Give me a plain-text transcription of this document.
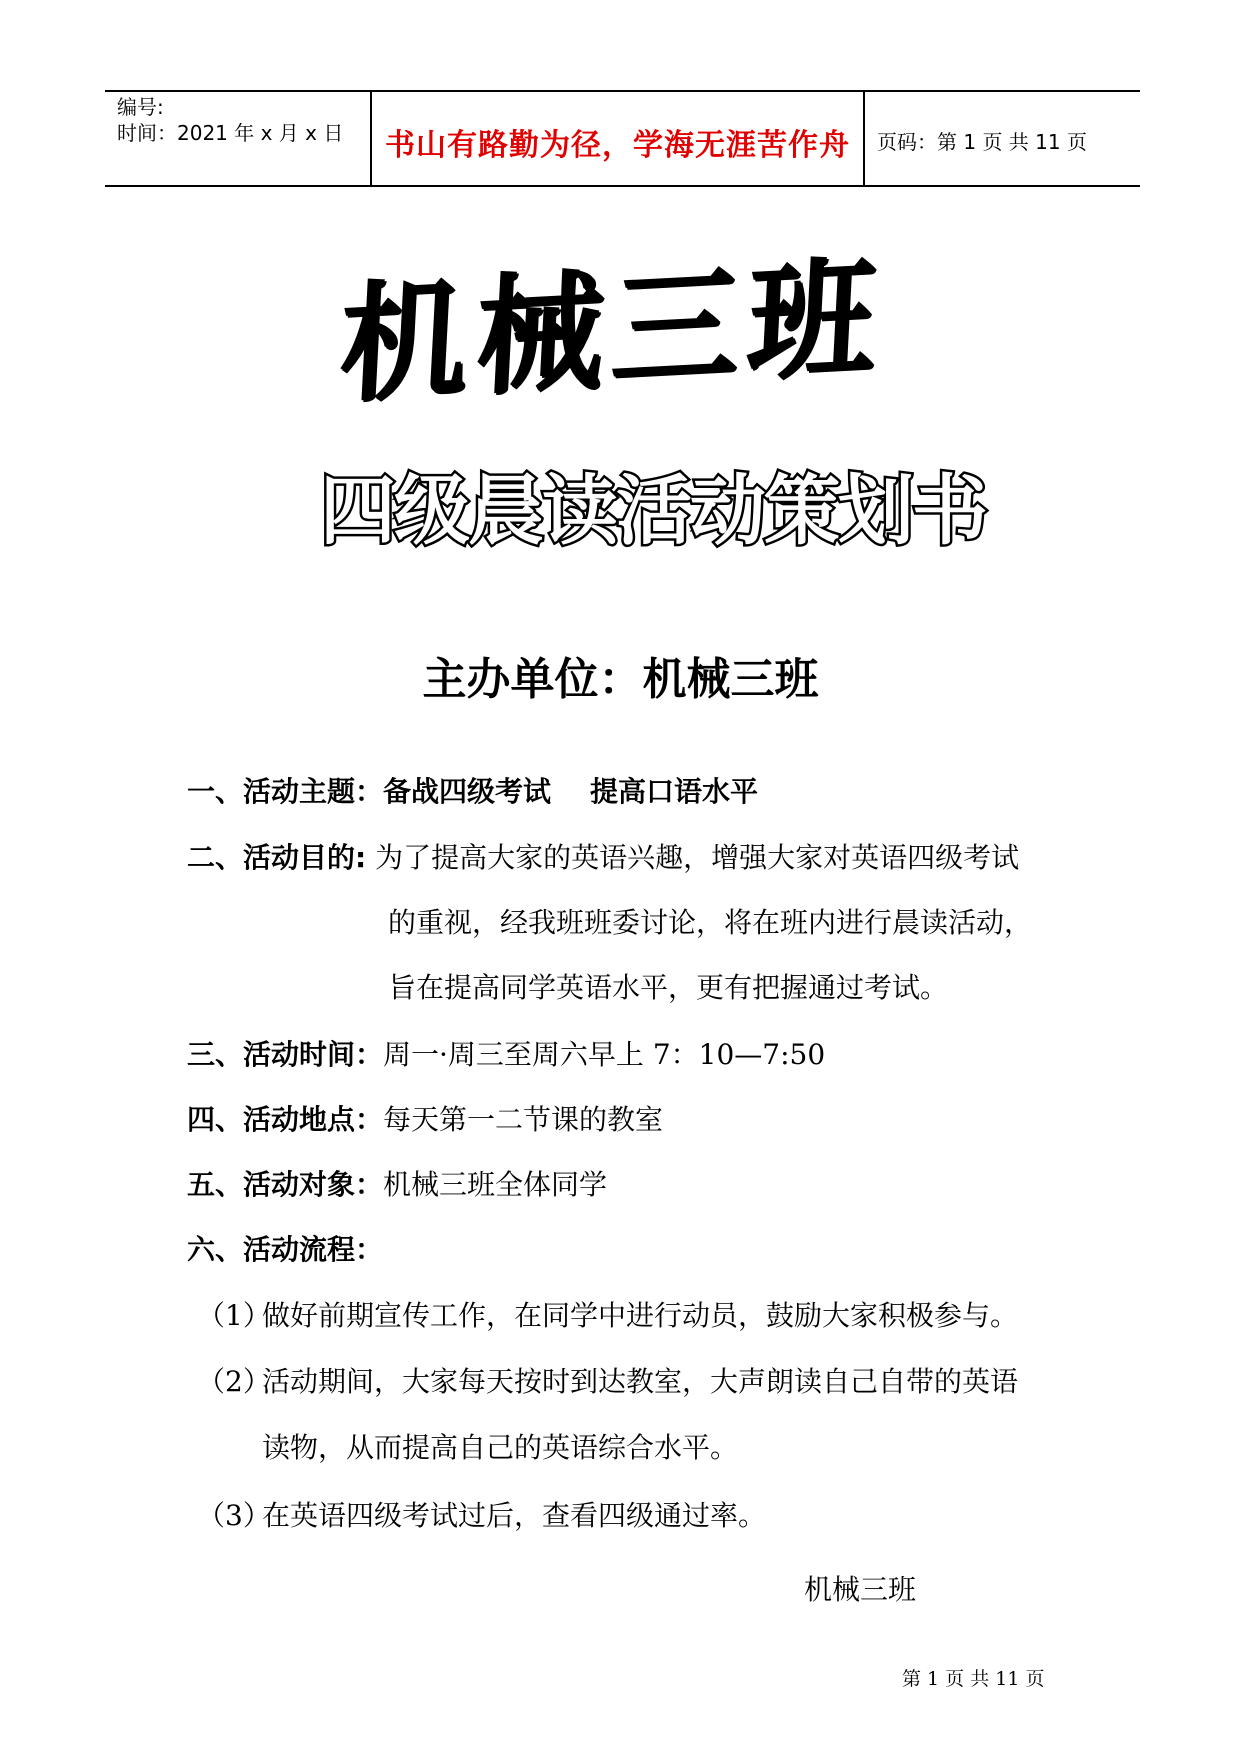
编号:
时间：2021 年 x 月 x 日	书山有路勤为径，学海无涯苦作舟	页码：第 1 页 共 11 页
机械三班
四级晨读活动策划书
主办单位：机械三班
一、活动主题：备战四级考试    提高口语水平
二、活动目的: 为了提高大家的英语兴趣，增强大家对英语四级考试
的重视，经我班班委讨论，将在班内进行晨读活动，
旨在提高同学英语水平，更有把握通过考试。
三、活动时间：周一·周三至周六早上 7：10—7:50
四、活动地点：每天第一二节课的教室
五、活动对象：机械三班全体同学
六、活动流程：
（1）
做好前期宣传工作，在同学中进行动员，鼓励大家积极参与。
（2）
活动期间，大家每天按时到达教室，大声朗读自己自带的英语
读物，从而提高自己的英语综合水平。
（3）
在英语四级考试过后，查看四级通过率。
机械三班
第 1 页 共 11 页
